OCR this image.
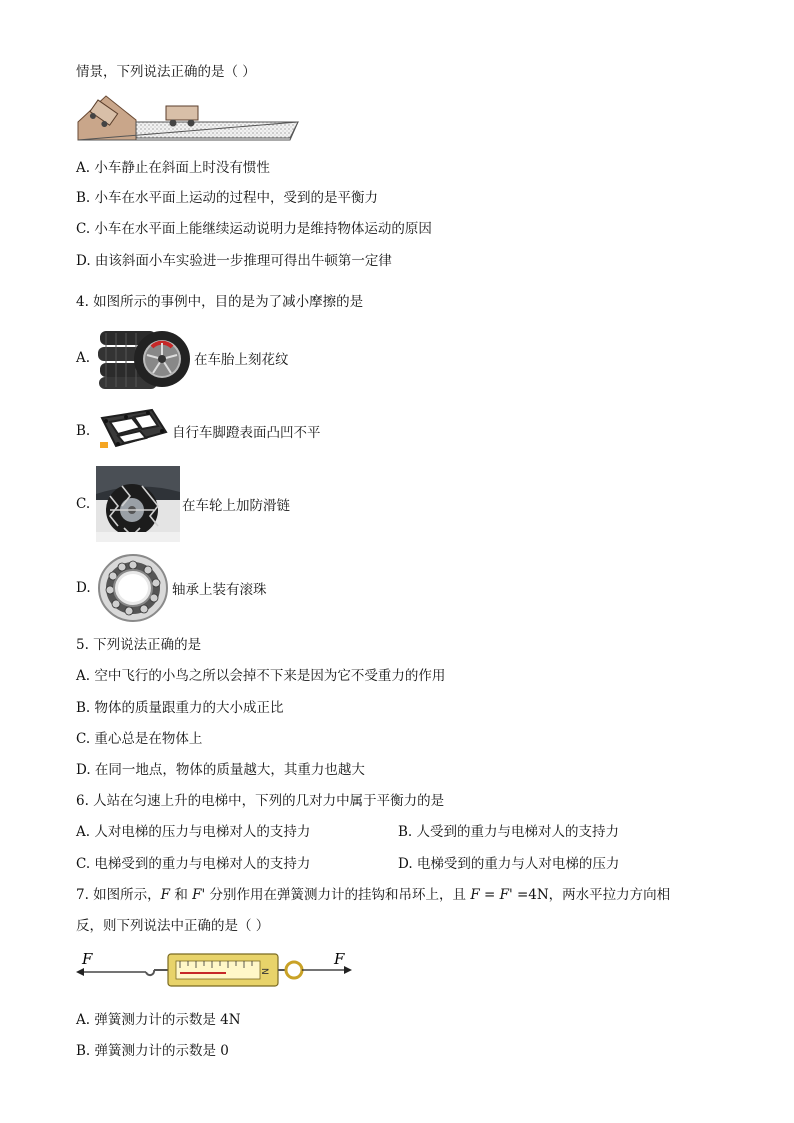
情景，下列说法正确的是（ ）
A. 小车静止在斜面上时没有惯性
B. 小车在水平面上运动的过程中，受到的是平衡力
C. 小车在水平面上能继续运动说明力是维持物体运动的原因
D. 由该斜面小车实验进一步推理可得出牛顿第一定律
4. 如图所示的事例中，目的是为了减小摩擦的是
A.	在车胎上刻花纹
B.	自行车脚蹬表面凸凹不平
C.	在车轮上加防滑链
D.	轴承上装有滚珠
5. 下列说法正确的是
A. 空中飞行的小鸟之所以会掉不下来是因为它不受重力的作用
B. 物体的质量跟重力的大小成正比
C. 重心总是在物体上
D. 在同一地点，物体的质量越大，其重力也越大
6. 人站在匀速上升的电梯中，下列的几对力中属于平衡力的是
A. 人对电梯的压力与电梯对人的支持力	B. 人受到的重力与电梯对人的支持力
C. 电梯受到的重力与电梯对人的支持力	D. 电梯受到的重力与人对电梯的压力
7. 如图所示，F 和 F' 分别作用在弹簧测力计的挂钩和吊环上，且 F = F' =4N，两水平拉力方向相
反，则下列说法中正确的是（ ）
F	F
N
A. 弹簧测力计的示数是 4N
B. 弹簧测力计的示数是 0
